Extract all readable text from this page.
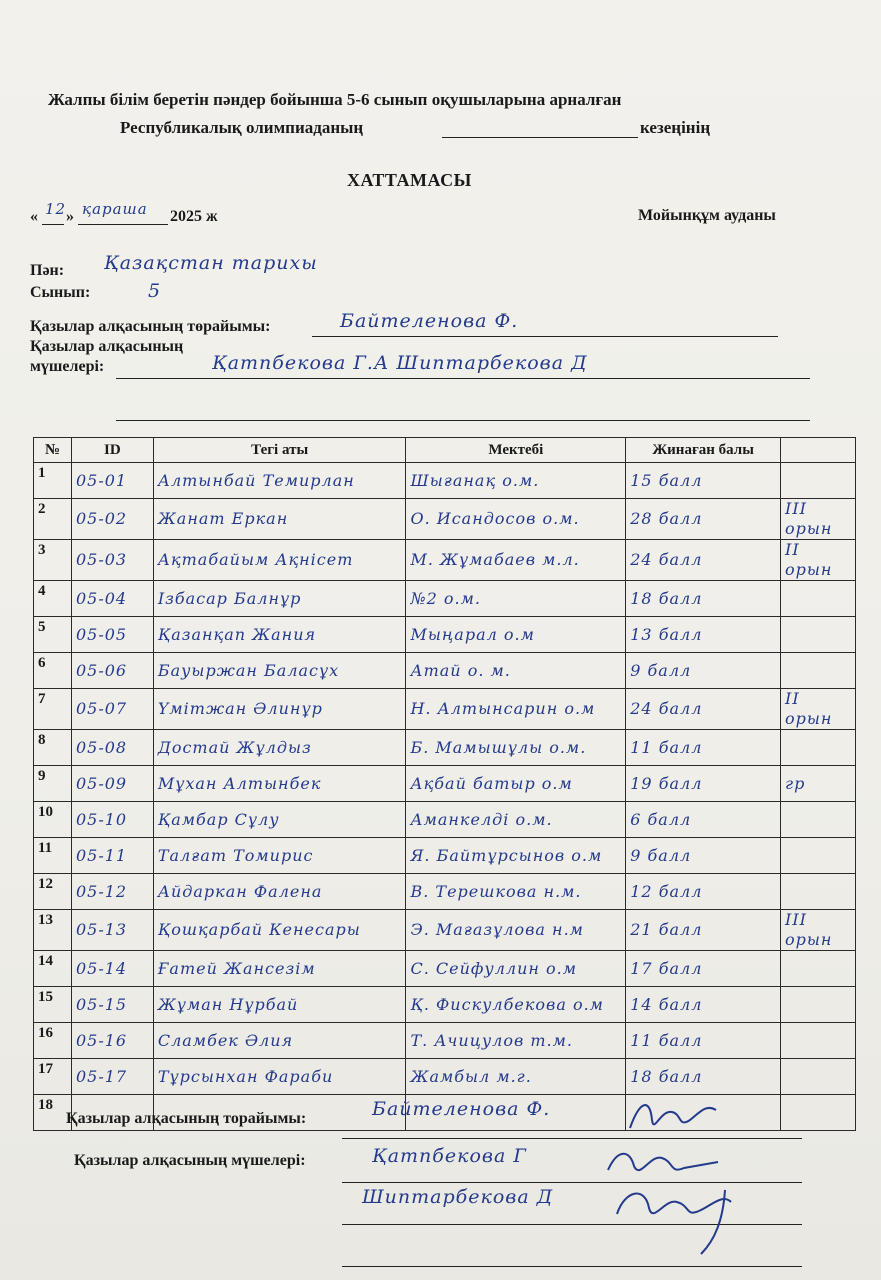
Жалпы білім беретін пәндер бойынша 5-6 сынып оқушыларына арналған
Республикалық олимпиаданың	кезеңінің
ХАТТАМАСЫ
« 12 » қараша 2025 ж	Мойынқұм ауданы
Пән: Қазақстан тарихы
Сынып:	5
Қазылар алқасының төрайымы:	Байтеленова Ф.
Қазылар алқасының
мүшелері:	Қатпбекова Г.А Шиптарбекова Д
№	ID	Тегі аты	Мектебі	Жинаған балы	
1	05-01	Алтынбай Темирлан	Шығанақ о.м.	15 балл	
2	05-02	Жанат Еркан	О. Исандосов о.м.	28 балл	III орын
3	05-03	Ақтабайым Ақнісет	М. Жұмабаев м.л.	24 балл	II орын
4	05-04	Ізбасар Балнұр	№2 о.м.	18 балл	
5	05-05	Қазанқап Жания	Мыңарал о.м	13 балл	
6	05-06	Бауыржан Баласұх	Атай о. м.	9 балл	
7	05-07	Үмітжан Әлинұр	Н. Алтынсарин о.м	24 балл	II орын
8	05-08	Достай Жұлдыз	Б. Мамышұлы о.м.	11 балл	
9	05-09	Мұхан Алтынбек	Ақбай батыр о.м	19 балл	гр
10	05-10	Қамбар Сұлу	Аманкелді о.м.	6 балл	
11	05-11	Талғат Томирис	Я. Байтұрсынов о.м	9 балл	
12	05-12	Айдаркан Фалена	В. Терешкова н.м.	12 балл	
13	05-13	Қошқарбай Кенесары	Э. Мағазұлова н.м	21 балл	III орын
14	05-14	Ғатей Жансезім	С. Сейфуллин о.м	17 балл	
15	05-15	Жұман Нұрбай	Қ. Фискулбекова о.м	14 балл	
16	05-16	Сламбек Әлия	Т. Ачицулов т.м.	11 балл	
17	05-17	Тұрсынхан Фараби	Жамбыл м.г.	18 балл	
18					
Қазылар алқасының торайымы:	Байтеленова Ф.
Қазылар алқасының мүшелері:	Қатпбекова Г
Шиптарбекова Д
